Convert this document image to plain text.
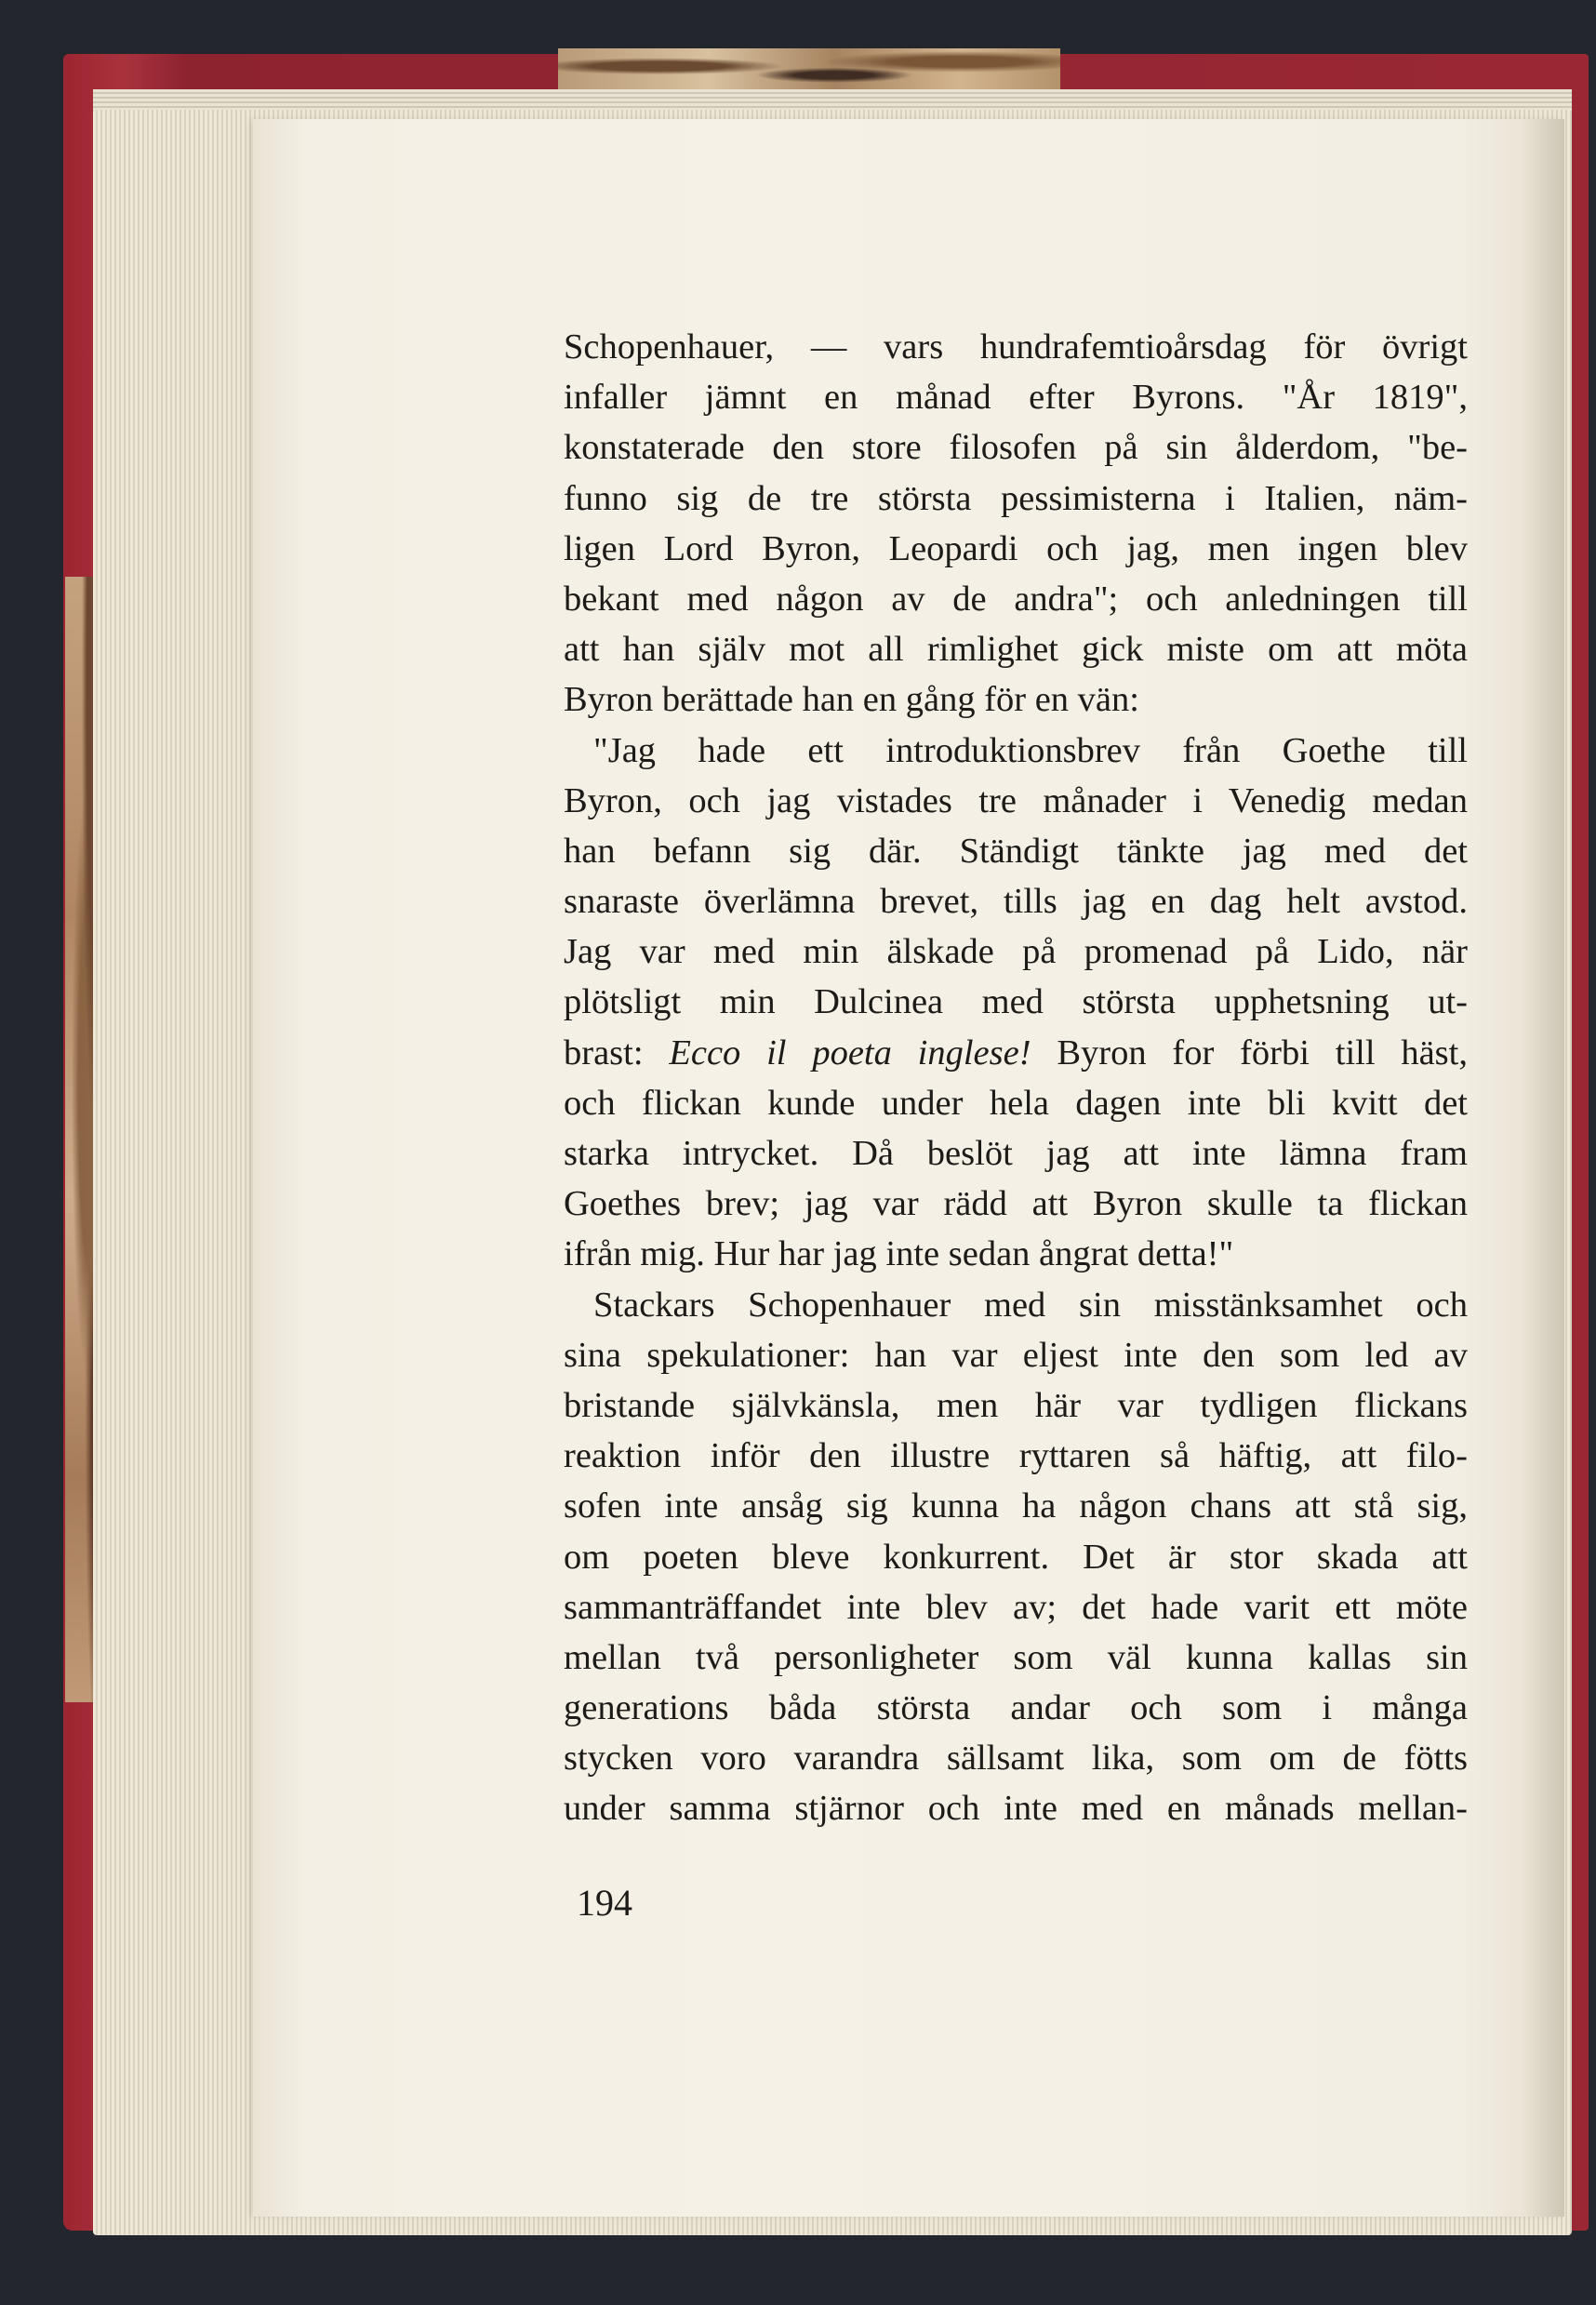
Schopenhauer, — vars hundrafemtioårsdag för övrigt
infaller jämnt en månad efter Byrons. "År 1819",
konstaterade den store filosofen på sin ålderdom, "be-
funno sig de tre största pessimisterna i Italien, näm-
ligen Lord Byron, Leopardi och jag, men ingen blev
bekant med någon av de andra"; och anledningen till
att han själv mot all rimlighet gick miste om att möta
Byron berättade han en gång för en vän:
"Jag hade ett introduktionsbrev från Goethe till
Byron, och jag vistades tre månader i Venedig medan
han befann sig där. Ständigt tänkte jag med det
snaraste överlämna brevet, tills jag en dag helt avstod.
Jag var med min älskade på promenad på Lido, när
plötsligt min Dulcinea med största upphetsning ut-
brast: Ecco il poeta inglese! Byron for förbi till häst,
och flickan kunde under hela dagen inte bli kvitt det
starka intrycket. Då beslöt jag att inte lämna fram
Goethes brev; jag var rädd att Byron skulle ta flickan
ifrån mig. Hur har jag inte sedan ångrat detta!"
Stackars Schopenhauer med sin misstänksamhet och
sina spekulationer: han var eljest inte den som led av
bristande självkänsla, men här var tydligen flickans
reaktion inför den illustre ryttaren så häftig, att filo-
sofen inte ansåg sig kunna ha någon chans att stå sig,
om poeten bleve konkurrent. Det är stor skada att
sammanträffandet inte blev av; det hade varit ett möte
mellan två personligheter som väl kunna kallas sin
generations båda största andar och som i många
stycken voro varandra sällsamt lika, som om de fötts
under samma stjärnor och inte med en månads mellan-
194
